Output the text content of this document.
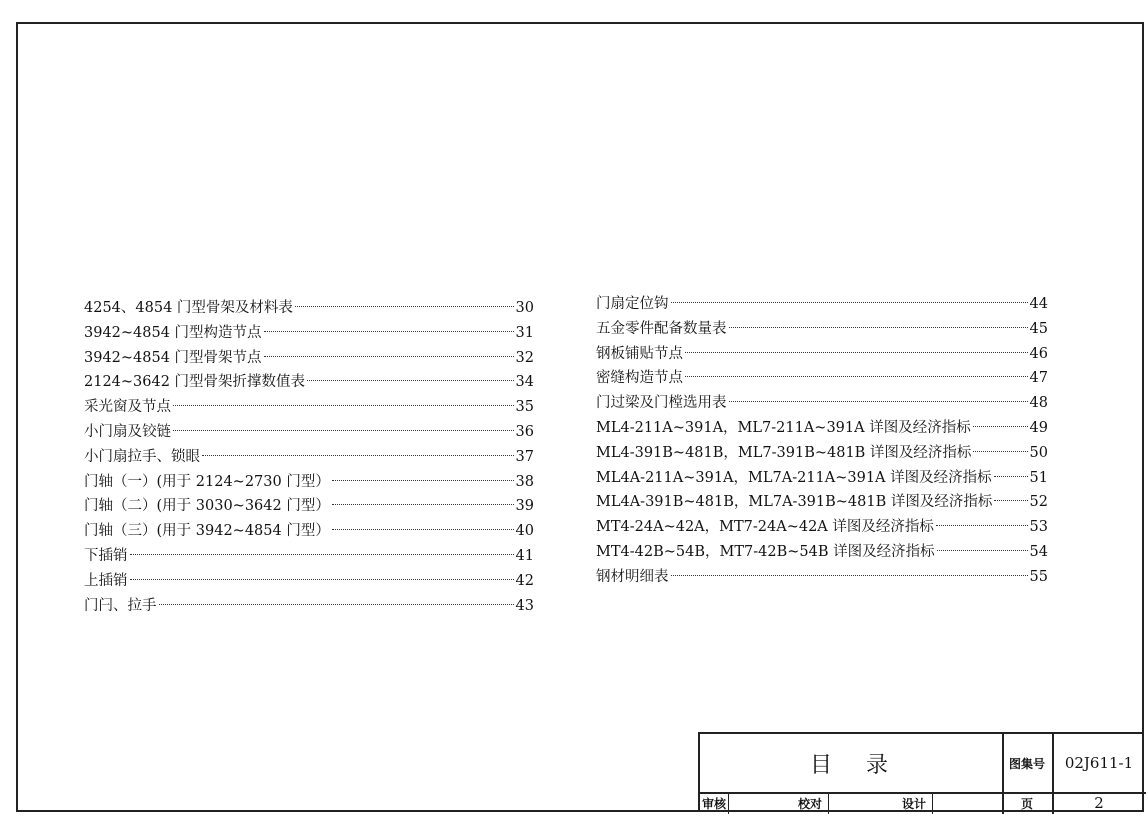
4254、4854 门型骨架及材料表	30
3942~4854 门型构造节点	31
3942~4854 门型骨架节点	32
2124~3642 门型骨架折撑数值表	34
采光窗及节点	35
小门扇及铰链	36
小门扇拉手、锁眼	37
门轴（一）(用于 2124~2730 门型）	38
门轴（二）(用于 3030~3642 门型）	39
门轴（三）(用于 3942~4854 门型）	40
下插销	41
上插销	42
门闩、拉手	43
门扇定位钩	44
五金零件配备数量表	45
钢板铺贴节点	46
密缝构造节点	47
门过梁及门樘选用表	48
ML4-211A~391A，ML7-211A~391A 详图及经济指标	49
ML4-391B~481B，ML7-391B~481B 详图及经济指标	50
ML4A-211A~391A，ML7A-211A~391A 详图及经济指标	51
ML4A-391B~481B，ML7A-391B~481B 详图及经济指标	52
MT4-24A~42A，MT7-24A~42A 详图及经济指标	53
MT4-42B~54B，MT7-42B~54B 详图及经济指标	54
钢材明细表	55
目录	图集号	02J611-1
页	2
审核	校对	设计
